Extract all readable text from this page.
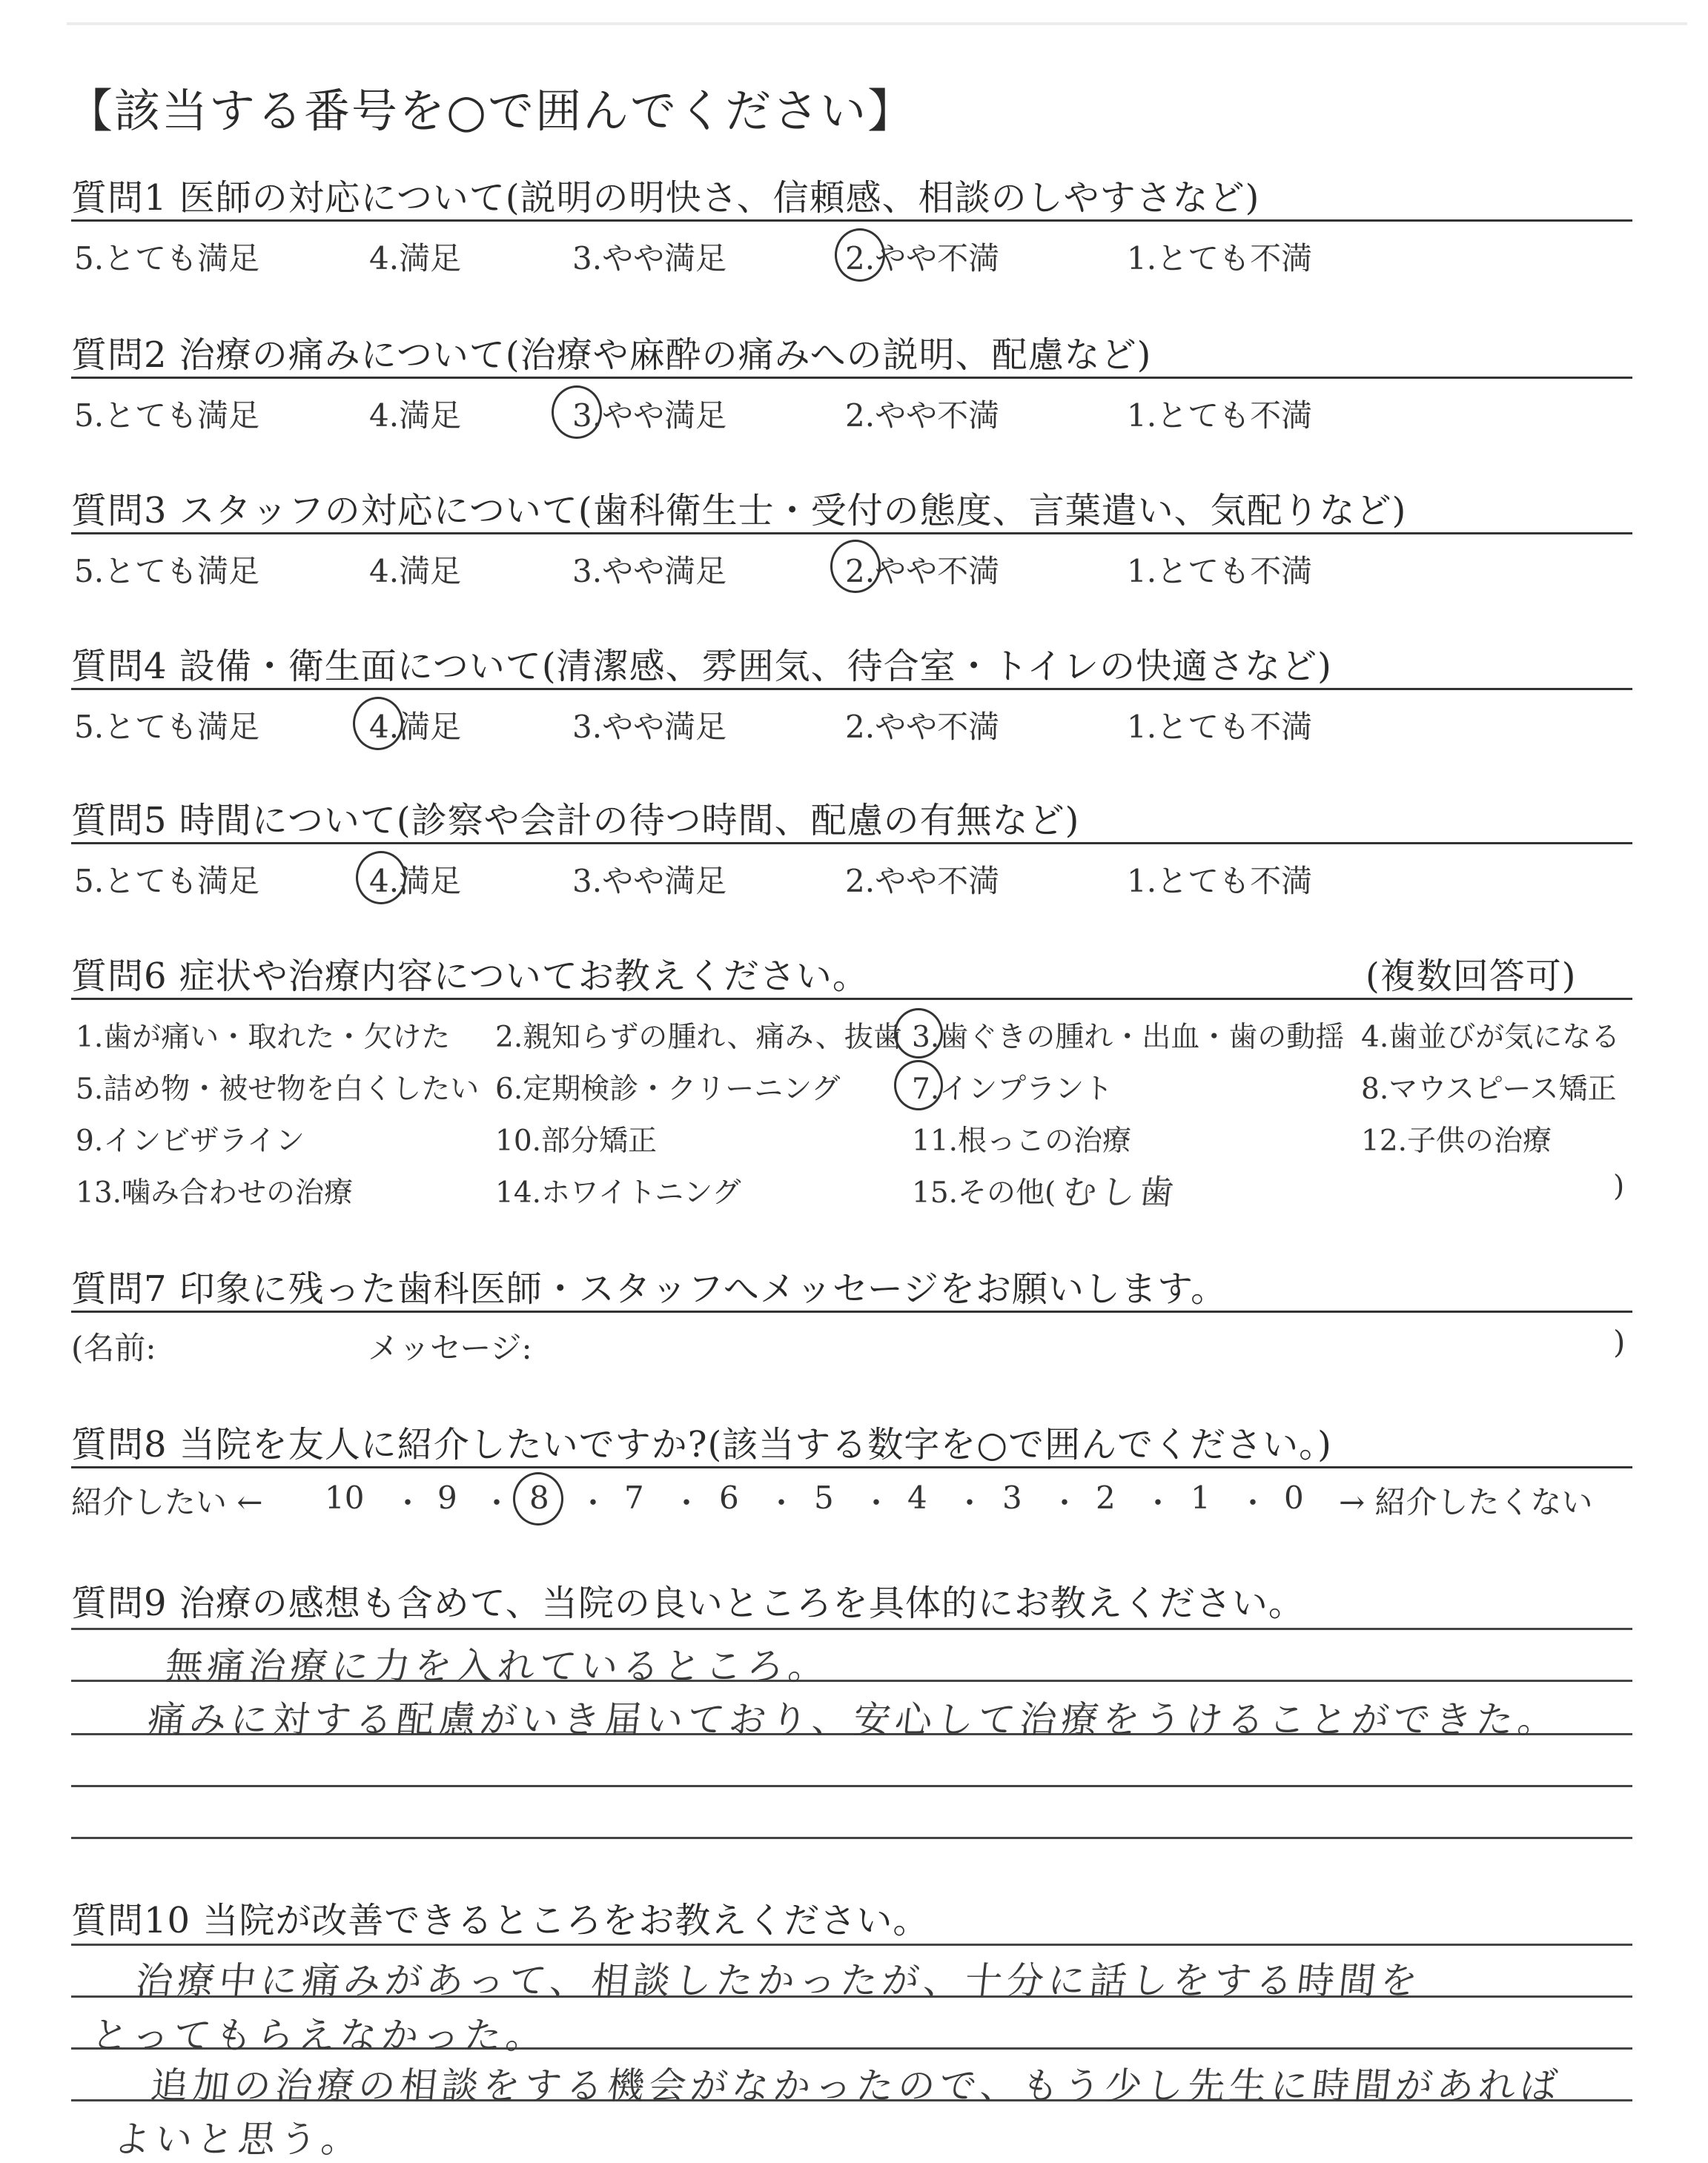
【該当する番号を○で囲んでください】
質問1 医師の対応について(説明の明快さ、信頼感、相談のしやすさなど)
5.とても満足	4.満足	3.やや満足	2.やや不満	1.とても不満
質問2 治療の痛みについて(治療や麻酔の痛みへの説明、配慮など)
5.とても満足	4.満足	3.やや満足	2.やや不満	1.とても不満
質問3 スタッフの対応について(歯科衛生士・受付の態度、言葉遣い、気配りなど)
5.とても満足	4.満足	3.やや満足	2.やや不満	1.とても不満
質問4 設備・衛生面について(清潔感、雰囲気、待合室・トイレの快適さなど)
5.とても満足	4.満足	3.やや満足	2.やや不満	1.とても不満
質問5 時間について(診察や会計の待つ時間、配慮の有無など)
5.とても満足	4.満足	3.やや満足	2.やや不満	1.とても不満
質問6 症状や治療内容についてお教えください。	(複数回答可)
1.歯が痛い・取れた・欠けた 2.親知らずの腫れ、痛み、抜歯 3.歯ぐきの腫れ・出血・歯の動揺 4.歯並びが気になる
5.詰め物・被せ物を白くしたい 6.定期検診・クリーニング 7.インプラント	8.マウスピース矯正
9.インビザライン	10.部分矯正	11.根っこの治療	12.子供の治療
13.噛み合わせの治療	14.ホワイトニング	15.その他( むし歯	)
質問7 印象に残った歯科医師・スタッフへメッセージをお願いします。
(名前:	メッセージ:	)
質問8 当院を友人に紹介したいですか?(該当する数字を○で囲んでください。)
紹介したい ← 10 ・ 9 ・ 8 ・ 7 ・ 6 ・ 5 ・ 4 ・ 3 ・ 2 ・ 1 ・ 0 → 紹介したくない
質問9 治療の感想も含めて、当院の良いところを具体的にお教えください。
無痛治療に力を入れているところ。
痛みに対する配慮がいき届いており、安心して治療をうけることができた。
質問10 当院が改善できるところをお教えください。
治療中に痛みがあって、相談したかったが、十分に話しをする時間を
とってもらえなかった。
追加の治療の相談をする機会がなかったので、もう少し先生に時間があれば
よいと思う。
